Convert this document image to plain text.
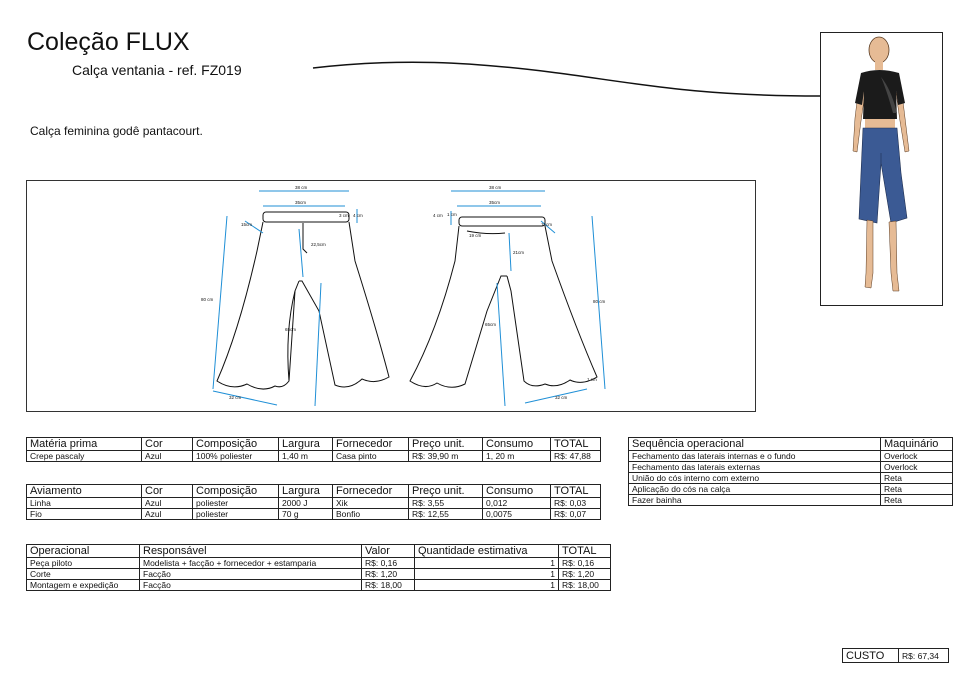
Coleção FLUX
Calça ventania - ref. FZ019
Calça feminina godê pantacourt.
38 cm
35cm
4 cm
3 cm
15cm
22,5cm
80 cm
65cm
32 cm
38 cm
35cm
4 cm 1 cm
15cm
19 cm
21cm
80 cm
65cm
32 cm
1 cm
Matéria prima	Cor	Composição	Largura	Fornecedor	Preço unit.	Consumo	TOTAL
Crepe pascaly	Azul	100% poliester	1,40 m	Casa pinto	R$: 39,90 m	1, 20 m	R$: 47,88
Aviamento	Cor	Composição	Largura	Fornecedor	Preço unit.	Consumo	TOTAL
Linha	Azul	poliester	2000 J	Xik	R$: 3,55	0,012	R$: 0,03
Fio	Azul	poliester	70 g	Bonfio	R$: 12,55	0,0075	R$: 0,07
Operacional	Responsável	Valor	Quantidade estimativa	TOTAL
Peça piloto	Modelista + facção + fornecedor + estamparia	R$: 0,16	1	R$: 0,16
Corte	Facção	R$: 1,20	1	R$: 1,20
Montagem e expedição	Facção	R$: 18,00	1	R$: 18,00
Sequência operacional	Maquinário
Fechamento das laterais internas e o fundo	Overlock
Fechamento das laterais externas	Overlock
União do cós interno com externo	Reta
Aplicação do cós na calça	Reta
Fazer bainha	Reta
CUSTO	R$: 67,34
